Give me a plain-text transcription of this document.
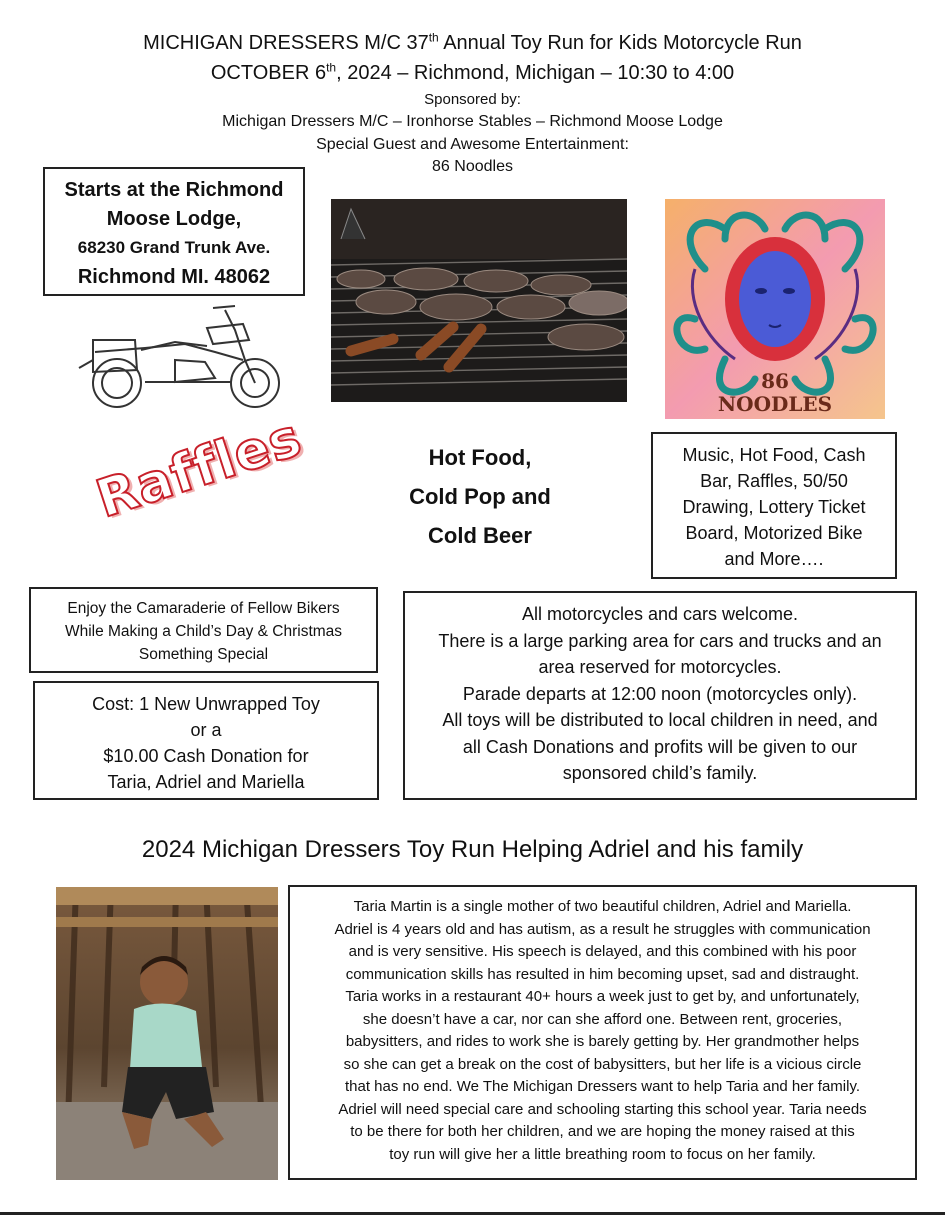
MICHIGAN DRESSERS M/C 37th Annual Toy Run for Kids Motorcycle Run
OCTOBER 6th, 2024 – Richmond, Michigan – 10:30 to 4:00
Sponsored by:
Michigan Dressers M/C – Ironhorse Stables – Richmond Moose Lodge
Special Guest and Awesome Entertainment:
86 Noodles
Starts at the Richmond
Moose Lodge,
68230 Grand Trunk Ave.
Richmond MI. 48062
86
NOODLES
Raffles	Hot Food,
Cold Pop and
Cold Beer
Music, Hot Food, Cash
Bar, Raffles, 50/50
Drawing, Lottery Ticket
Board, Motorized Bike
and More….
Enjoy the Camaraderie of Fellow Bikers
While Making a Child’s Day & Christmas
Something Special
Cost: 1 New Unwrapped Toy
or a
$10.00 Cash Donation for
Taria, Adriel and Mariella
All motorcycles and cars welcome.
There is a large parking area for cars and trucks and an
area reserved for motorcycles.
Parade departs at 12:00 noon (motorcycles only).
All toys will be distributed to local children in need, and
all Cash Donations and profits will be given to our
sponsored child’s family.
2024 Michigan Dressers Toy Run Helping Adriel and his family
Taria Martin is a single mother of two beautiful children, Adriel and Mariella.
Adriel is 4 years old and has autism, as a result he struggles with communication
and is very sensitive. His speech is delayed, and this combined with his poor
communication skills has resulted in him becoming upset, sad and distraught.
Taria works in a restaurant 40+ hours a week just to get by, and unfortunately,
she doesn’t have a car, nor can she afford one. Between rent, groceries,
babysitters, and rides to work she is barely getting by. Her grandmother helps
so she can get a break on the cost of babysitters, but her life is a vicious circle
that has no end. We The Michigan Dressers want to help Taria and her family.
Adriel will need special care and schooling starting this school year. Taria needs
to be there for both her children, and we are hoping the money raised at this
toy run will give her a little breathing room to focus on her family.
